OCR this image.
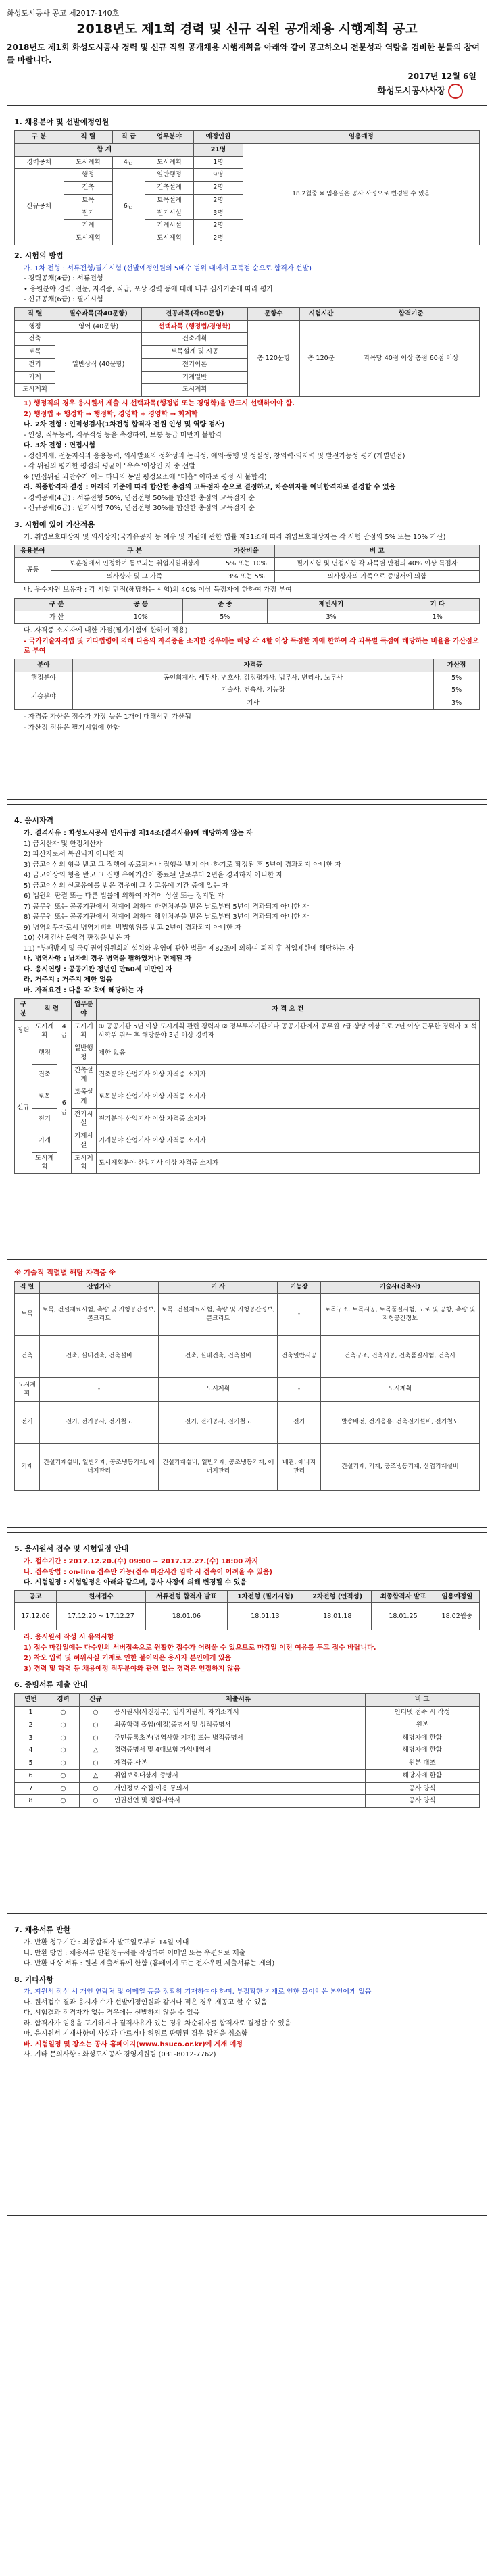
화성도시공사 공고 제2017-140호
2018년도 제1회 경력 및 신규 직원 공개채용 시행계획 공고
2018년도 제1회 화성도시공사 경력 및 신규 직원 공개채용 시행계획을 아래와 같이 공고하오니 전문성과 역량을 겸비한 분들의 참여를 바랍니다.
2017년 12월 6일
화성도시공사사장
1. 채용분야 및 선발예정인원
구 분	직 렬	직 급	업무분야	예정인원	임용예정
합 계				21명	18.2월중 ※ 임용일은 공사 사정으로 변경될 수 있음
경력공채	도시계획	4급	도시계획	1명	
신규공채	행정	6급	일반행정	9명	
	건축		건축설계	2명	
	토목		토목설계	2명	
	전기		전기시설	3명	
	기계		기계시설	2명	
	도시계획		도시계획	2명	
2. 시험의 방법

가. 1차 전형 : 서류전형/필기시험 (선발예정인원의 5배수 범위 내에서 고득점 순으로 합격자 선발)

- 경력공채(4급) : 서류전형

• 응원분야 경력, 전문, 자격증, 직급, 포상 경력 등에 대해 내부 심사기준에 따라 평가

- 신규공채(6급) : 필기시험

직 렬	필수과목(각40문항)	전공과목(각60문항)	문항수	시험시간	합격기준
행정	영어 (40문항)	선택과목 (행정법/경영학)	총 120문항	총 120분	과목당 40점 이상 총점 60점 이상
건축	일반상식 (40문항)	건축계획			
토목		토목설계 및 시공			
전기		전기이론			
기계		기계일반			
도시계획		도시계획			

1) 행정직의 경우 응시원서 제출 시 선택과목(행정법 또는 경영학)을 반드시 선택하여야 함.

2) 행정법 + 행정학 → 행정학, 경영학 + 경영학 → 회계학

나. 2차 전형 : 인적성검사(1차전형 합격자 전원 인성 및 역량 검사)

- 인성, 직무능력, 직무적성 등을 측정하여, 보통 등급 미만자 불합격

다. 3차 전형 : 면접시험

- 정신자세, 전문지식과 응용능력, 의사발표의 정확성과 논리성, 예의·품행 및 성실성, 창의력·의지력 및 발전가능성 평가(개별면접)

- 각 위원의 평가한 평점의 평균이 "우수"이상인 자 중 선발

※ (면접위원 과반수가 어느 하나의 동일 평정요소에 "미흡" 이하로 평정 시 불합격)

라. 최종합격자 결정 : 아래의 기준에 따라 합산한 총점의 고득점자 순으로 결정하고, 차순위자를 예비합격자로 결정할 수 있음

- 경력공채(4급) : 서류전형 50%, 면접전형 50%를 합산한 총점의 고득점자 순

- 신규공채(6급) : 필기시험 70%, 면접전형 30%를 합산한 총점의 고득점자 순

3. 시험에 있어 가산적용

가. 취업보호대상자 및 의사상자(국가유공자 등 예우 및 지원에 관한 법률 제31조에 따라 취업보호대상자는 각 시험 만점의 5% 또는 10% 가산)

응용분야	구 분	가산비율	비 고
공통	보훈청에서 인정하여 통보되는 취업지원대상자	5% 또는 10%	필기시험 및 면접시험 각 과목별 만점의 40% 이상 득점자
	의사상자 및 그 가족	3% 또는 5%	의사상자의 가족으로 증명서에 의함

나. 우수자원 보유자 : 각 시험 만점(해당하는 시험)의 40% 이상 득점자에 한하여 가점 부여

구 분	공 통	준 중	제빈사기	기 타
가 산	10%	5%	3%	1%

다. 자격증 소지자에 대한 가점(필기시험에 한하여 적용)

- 국가기술자격법 및 기타법령에 의해 다음의 자격증을 소지한 경우에는 해당 각 4할 이상 득점한 자에 한하여 각 과목별 득점에 해당하는 비율을 가산점으로 부여

분야	자격증	가산점
행정분야	공인회계사, 세무사, 변호사, 감정평가사, 법무사, 변리사, 노무사	5%
기술분야	기술사, 건축사, 기능장	5%
	기사	3%

- 자격증 가산은 점수가 가장 높은 1개에 대해서만 가산됨

- 가산점 적용은 필기시험에 한함

4. 응시자격

가. 결격사유 : 화성도시공사 인사규정 제14조(결격사유)에 해당하지 않는 자

1) 금치산자 및 한정치산자

2) 파산자로서 복권되지 아니한 자

3) 금고이상의 형을 받고 그 집행이 종료되거나 집행을 받지 아니하기로 확정된 후 5년이 경과되지 아니한 자

4) 금고이상의 형을 받고 그 집행 유예기간이 종료된 날로부터 2년을 경과하지 아니한 자

5) 금고이상의 선고유예를 받은 경우에 그 선고유예 기간 중에 있는 자

6) 법원의 판결 또는 다른 법률에 의하여 자격이 상실 또는 정지된 자

7) 공무원 또는 공공기관에서 징계에 의하여 파면처분을 받은 날로부터 5년이 경과되지 아니한 자

8) 공무원 또는 공공기관에서 징계에 의하여 해임처분을 받은 날로부터 3년이 경과되지 아니한 자

9) 병역의무자로서 병역기피의 범법행위를 받고 2년이 경과되지 아니한 자

10) 신체검사 불합격 판정을 받은 자

11) "부패방지 및 국민권익위원회의 설치와 운영에 관한 법률" 제82조에 의하여 퇴직 후 취업제한에 해당하는 자

나. 병역사항 : 남자의 경우 병역을 필하였거나 면제된 자

다. 응시연령 : 공공기관 정년인 만60세 미만인 자

라. 거주지 : 거주지 제한 없음

마. 자격요건 : 다음 각 호에 해당하는 자

구 분	직 렬		업무분야	자 격 요 건
경력	도시계획	4급	도시계획	① 공공기관 5년 이상 도시계획 관련 경력자 ② 정부투자기관이나 공공기관에서 공무원 7급 상당 이상으로 2년 이상 근무한 경력자 ③ 석사학위 취득 후 해당분야 3년 이상 경력자
신규	행정	6급	일반행정	제한 없음
	건축		건축설계	건축분야 산업기사 이상 자격증 소지자
	토목		토목설계	토목분야 산업기사 이상 자격증 소지자
	전기		전기시설	전기분야 산업기사 이상 자격증 소지자
	기계		기계시설	기계분야 산업기사 이상 자격증 소지자
	도시계획		도시계획	도시계획분야 산업기사 이상 자격증 소지자
※ 기술직 직렬별 해당 자격증 ※
직 렬	산업기사	기 사	기능장	기술사(건축사)
토목	토목, 건설재료시험, 측량 및 지형공간정보, 콘크리트	토목, 건설재료시험, 측량 및 지형공간정보, 콘크리트	-	토목구조, 토목시공, 토목품질시험, 도로 및 공항, 측량 및 지형공간정보
건축	건축, 실내건축, 건축설비	건축, 실내건축, 건축설비	건축일반시공	건축구조, 건축시공, 건축품질시험, 건축사
도시계획	-	도시계획	-	도시계획
전기	전기, 전기공사, 전기철도	전기, 전기공사, 전기철도	전기	발송배전, 전기응용, 건축전기설비, 전기철도
기계	건설기계설비, 일반기계, 공조냉동기계, 에너지관리	건설기계설비, 일반기계, 공조냉동기계, 에너지관리	배관, 에너지관리	건설기계, 기계, 공조냉동기계, 산업기계설비
5. 응시원서 접수 및 시험일정 안내

가. 접수기간 : 2017.12.20.(수) 09:00 ~ 2017.12.27.(수) 18:00 까지

나. 접수방법 : on-line 접수만 가능(접수 마감시간 임박 시 접속이 어려울 수 있음)

다. 시험일정 : 시험일정은 아래와 같으며, 공사 사정에 의해 변경될 수 있음

공고	원서접수	서류전형 합격자 발표	1차전형 (필기시험)	2차전형 (인적성)	최종합격자 발표	임용예정일
17.12.06	17.12.20 ~ 17.12.27	18.01.06	18.01.13	18.01.18	18.01.25	18.02월중

라. 응시원서 작성 시 유의사항

1) 접수 마감일에는 다수인의 서버접속으로 원활한 접수가 어려울 수 있으므로 마감일 이전 여유를 두고 접수 바랍니다.

2) 착오 입력 및 허위사실 기재로 인한 불이익은 응시자 본인에게 있음

3) 경력 및 학력 등 채용예정 직무분야와 관련 없는 경력은 인정하지 않음

6. 증빙서류 제출 안내
연번	경력	신규	제출서류	비 고
1	○	○	응시원서(사진첨부), 입사지원서, 자기소개서	인터넷 접수 시 작성
2	○	○	최종학력 졸업(예정)증명서 및 성적증명서	원본
3	○	○	주민등록초본(병역사항 기재) 또는 병적증명서	해당자에 한함
4	○	△	경력증명서 및 4대보험 가입내역서	해당자에 한함
5	○	○	자격증 사본	원본 대조
6	○	△	취업보호대상자 증명서	해당자에 한함
7	○	○	개인정보 수집·이용 동의서	공사 양식
8	○	○	인권선언 및 청렴서약서	공사 양식
7. 채용서류 반환

가. 반환 청구기간 : 최종합격자 발표일로부터 14일 이내

나. 반환 방법 : 채용서류 반환청구서를 작성하여 이메일 또는 우편으로 제출

다. 반환 대상 서류 : 원본 제출서류에 한함 (홈페이지 또는 전자우편 제출서류는 제외)

8. 기타사항

가. 지원서 작성 시 개인 연락처 및 이메일 등을 정확히 기재하여야 하며, 부정확한 기재로 인한 불이익은 본인에게 있음

나. 원서접수 결과 응시자 수가 선발예정인원과 같거나 적은 경우 재공고 할 수 있음

다. 시험결과 적격자가 없는 경우에는 선발하지 않을 수 있음

라. 합격자가 임용을 포기하거나 결격사유가 있는 경우 차순위자를 합격자로 결정할 수 있음

마. 응시원서 기재사항이 사실과 다르거나 허위로 판명된 경우 합격을 취소함

바. 시험일정 및 장소는 공사 홈페이지(www.hsuco.or.kr)에 게재 예정

사. 기타 문의사항 : 화성도시공사 경영지원팀 (031-8012-7762)
